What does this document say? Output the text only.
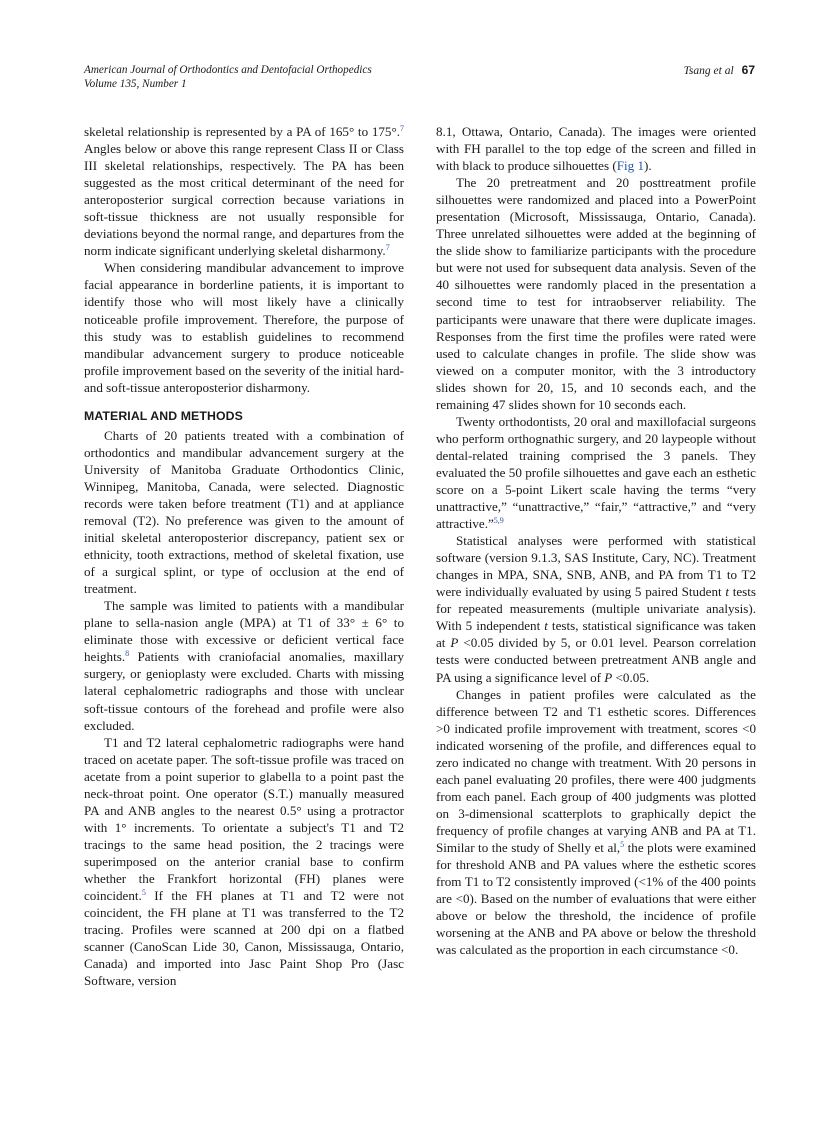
American Journal of Orthodontics and Dentofacial Orthopedics
Volume 135, Number 1
Tsang et al 67

skeletal relationship is represented by a PA of 165° to 175°.$^7$ Angles below or above this range represent Class II or Class III skeletal relationships, respectively. The PA has been suggested as the most critical determinant of the need for anteroposterior surgical correction because variations in soft-tissue thickness are not usually responsible for deviations beyond the normal range, and departures from the norm indicate significant underlying skeletal disharmony.$^7$

When considering mandibular advancement to improve facial appearance in borderline patients, it is important to identify those who will most likely have a clinically noticeable profile improvement. Therefore, the purpose of this study was to establish guidelines to recommend mandibular advancement surgery to produce noticeable profile improvement based on the severity of the initial hard- and soft-tissue anteroposterior disharmony.

MATERIAL AND METHODS

Charts of 20 patients treated with a combination of orthodontics and mandibular advancement surgery at the University of Manitoba Graduate Orthodontics Clinic, Winnipeg, Manitoba, Canada, were selected. Diagnostic records were taken before treatment (T1) and at appliance removal (T2). No preference was given to the amount of initial skeletal anteroposterior discrepancy, patient sex or ethnicity, tooth extractions, method of skeletal fixation, use of a surgical splint, or type of occlusion at the end of treatment.

The sample was limited to patients with a mandibular plane to sella-nasion angle (MPA) at T1 of 33° ± 6° to eliminate those with excessive or deficient vertical face heights.$^8$ Patients with craniofacial anomalies, maxillary surgery, or genioplasty were excluded. Charts with missing lateral cephalometric radiographs and those with unclear soft-tissue contours of the forehead and profile were also excluded.

T1 and T2 lateral cephalometric radiographs were hand traced on acetate paper. The soft-tissue profile was traced on acetate from a point superior to glabella to a point past the neck-throat point. One operator (S.T.) manually measured PA and ANB angles to the nearest 0.5° using a protractor with 1° increments. To orientate a subject's T1 and T2 tracings to the same head position, the 2 tracings were superimposed on the anterior cranial base to confirm whether the Frankfort horizontal (FH) planes were coincident.$^5$ If the FH planes at T1 and T2 were not coincident, the FH plane at T1 was transferred to the T2 tracing. Profiles were scanned at 200 dpi on a flatbed scanner (CanoScan Lide 30, Canon, Mississauga, Ontario, Canada) and imported into Jasc Paint Shop Pro (Jasc Software, version

8.1, Ottawa, Ontario, Canada). The images were oriented with FH parallel to the top edge of the screen and filled in with black to produce silhouettes (Fig 1).

The 20 pretreatment and 20 posttreatment profile silhouettes were randomized and placed into a PowerPoint presentation (Microsoft, Mississauga, Ontario, Canada). Three unrelated silhouettes were added at the beginning of the slide show to familiarize participants with the procedure but were not used for subsequent data analysis. Seven of the 40 silhouettes were randomly placed in the presentation a second time to test for intraobserver reliability. The participants were unaware that there were duplicate images. Responses from the first time the profiles were rated were used to calculate changes in profile. The slide show was viewed on a computer monitor, with the 3 introductory slides shown for 20, 15, and 10 seconds each, and the remaining 47 slides shown for 10 seconds each.

Twenty orthodontists, 20 oral and maxillofacial surgeons who perform orthognathic surgery, and 20 laypeople without dental-related training comprised the 3 panels. They evaluated the 50 profile silhouettes and gave each an esthetic score on a 5-point Likert scale having the terms “very unattractive,” “unattractive,” “fair,” “attractive,” and “very attractive.”$^{5,9}$

Statistical analyses were performed with statistical software (version 9.1.3, SAS Institute, Cary, NC). Treatment changes in MPA, SNA, SNB, ANB, and PA from T1 to T2 were individually evaluated by using 5 paired Student t tests for repeated measurements (multiple univariate analysis). With 5 independent t tests, statistical significance was taken at P <0.05 divided by 5, or 0.01 level. Pearson correlation tests were conducted between pretreatment ANB angle and PA using a significance level of P <0.05.

Changes in patient profiles were calculated as the difference between T2 and T1 esthetic scores. Differences >0 indicated profile improvement with treatment, scores <0 indicated worsening of the profile, and differences equal to zero indicated no change with treatment. With 20 persons in each panel evaluating 20 profiles, there were 400 judgments from each panel. Each group of 400 judgments was plotted on 3-dimensional scatterplots to graphically depict the frequency of profile changes at varying ANB and PA at T1. Similar to the study of Shelly et al,$^5$ the plots were examined for threshold ANB and PA values where the esthetic scores from T1 to T2 consistently improved (<1% of the 400 points are <0). Based on the number of evaluations that were either above or below the threshold, the incidence of profile worsening at the ANB and PA above or below the threshold was calculated as the proportion in each circumstance <0.
